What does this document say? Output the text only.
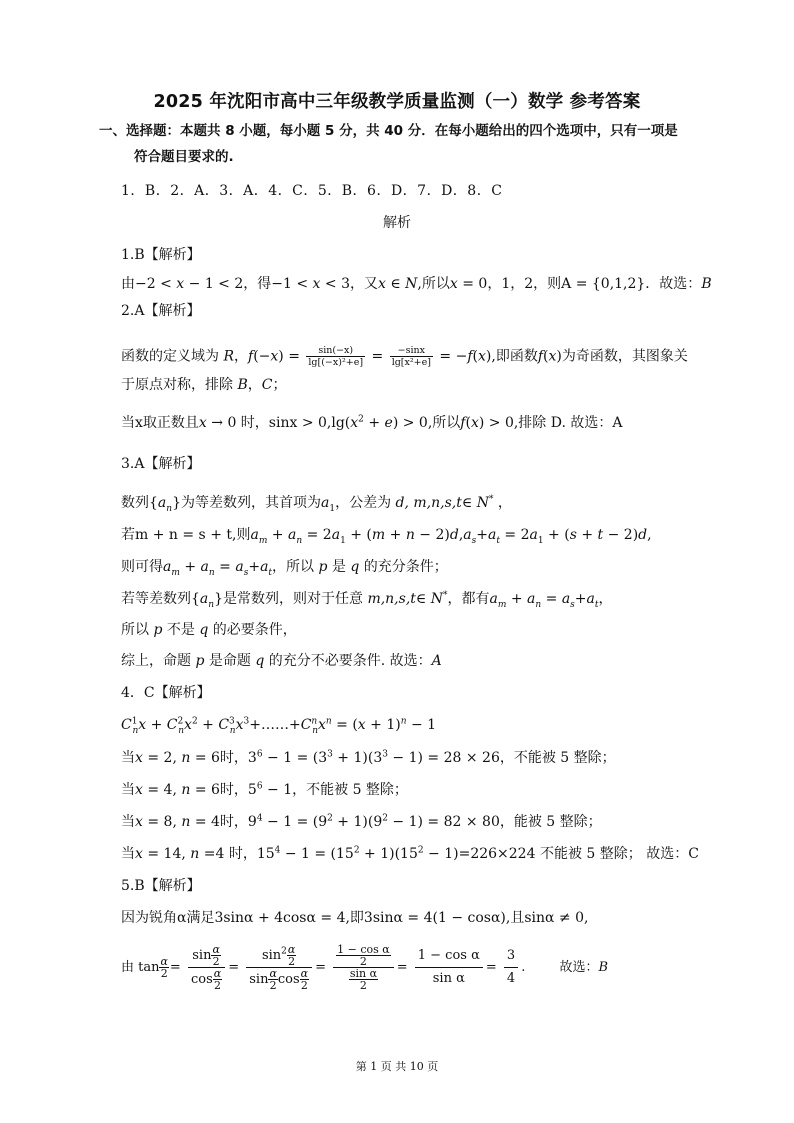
2025 年沈阳市高中三年级教学质量监测（一）数学 参考答案
一、选择题：本题共 8 小题，每小题 5 分，共 40 分．在每小题给出的四个选项中，只有一项是
符合题目要求的.
1．B．2．A．3．A．4．C．5．B．6．D．7．D．8．C
解析
1.B【解析】
由−2 < x − 1 < 2，得−1 < x < 3，又x ∈ N,所以x = 0，1，2，则A = {0,1,2}．故选：B
2.A【解析】
函数的定义域为 R，$f(-x) = \frac{\sin(-x)}{\text{lg[(−x)²+e]}} = \frac{-\sin x}{\text{lg[x²+e]}} = -f(x)$,即函数f(x)为奇函数，其图象关
于原点对称，排除 B，C；
当x取正数且x → 0 时，$\sin x > 0,\lg(x^2 + e) > 0$,所以f(x) > 0,排除 D. 故选：A
3.A【解析】
数列$\{a_n\}$为等差数列，其首项为$a_1$，公差为 d, m,n,s,t∈ N* ，
若m + n = s + t,则$a_m + a_n = 2a_1 + (m + n - 2)d,a_s+a_t = 2a_1 + (s + t - 2)d$,
则可得$a_m + a_n = a_s+a_t$，所以 p 是 q 的充分条件；
若等差数列$\{a_n\}$是常数列，则对于任意 m,n,s,t∈ N*，都有$a_m + a_n = a_s+a_t$，
所以 p 不是 q 的必要条件，
综上，命题 p 是命题 q 的充分不必要条件. 故选：A
4．C【解析】
$C^1_nx + C^2_nx^2$ + $C^3_nx^3+\dots\dots+C^n_nx^n = (x + 1)^n - 1$
当x = 2, n = 6时，$3^6 - 1 = (3^3 + 1)(3^3 - 1) = 28 \times 26$，不能被 5 整除；
当x = 4, n = 6时，$5^6 - 1$，不能被 5 整除；
当x = 8, n = 4时，$9^4 - 1 = (9^2 + 1)(9^2 - 1) = 82 \times 80$，能被 5 整除；
当x = 14, n =4 时，$15^4 - 1 = (15^2 + 1)(15^2 - 1)=226\times 224$ 不能被 5 整除； 故选：C
5.B【解析】
因为锐角α满足3sinα + 4cosα = 4,即3sinα = 4(1 − cosα),且sinα ≠ 0,
由 $\tan \frac{\alpha}{2} = \frac{\sin \frac{\alpha}{2}}{\cos \frac{\alpha}{2}} = \frac{\sin^2 \frac{\alpha}{2}}{\sin \frac{\alpha}{2} \cos \frac{\alpha}{2}} = \frac{\frac{\text{1 − cos α}}{2}}{\frac{\text{sin α}}{2}} = \frac{\text{1 − cos α}}{\text{sin α}} = \frac{3}{4}$ .	故选：B
第 1 页 共 10 页
